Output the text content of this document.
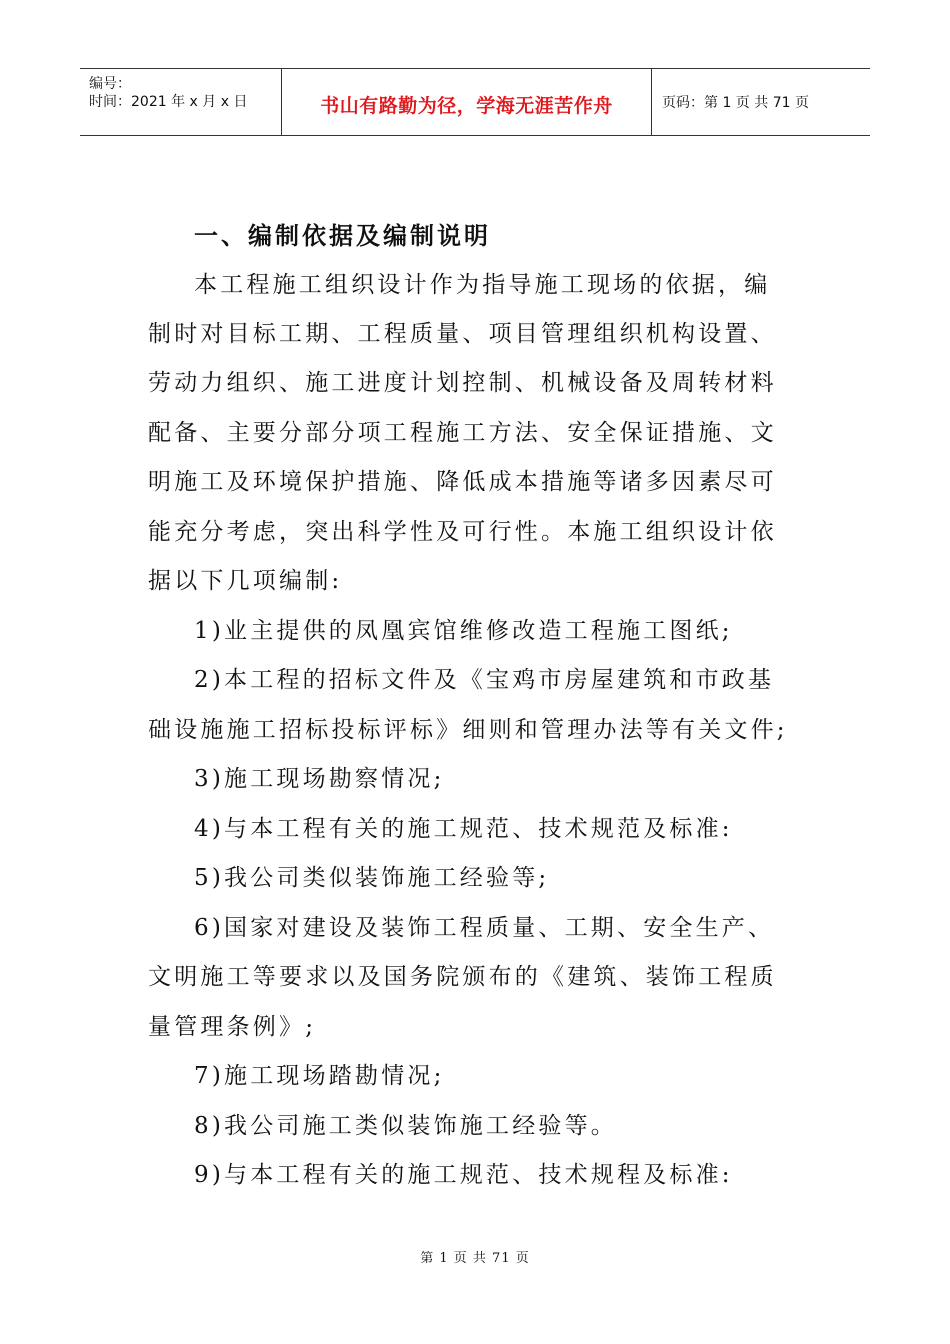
编号：
时间：2021 年 x 月 x 日	书山有路勤为径，学海无涯苦作舟	页码：第 1 页 共 71 页
一、编制依据及编制说明
本工程施工组织设计作为指导施工现场的依据，编
制时对目标工期、工程质量、项目管理组织机构设置、
劳动力组织、施工进度计划控制、机械设备及周转材料
配备、主要分部分项工程施工方法、安全保证措施、文
明施工及环境保护措施、降低成本措施等诸多因素尽可
能充分考虑，突出科学性及可行性。本施工组织设计依
据以下几项编制:
1)业主提供的凤凰宾馆维修改造工程施工图纸;
2)本工程的招标文件及《宝鸡市房屋建筑和市政基
础设施施工招标投标评标》细则和管理办法等有关文件;
3)施工现场勘察情况;
4)与本工程有关的施工规范、技术规范及标准:
5)我公司类似装饰施工经验等;
6)国家对建设及装饰工程质量、工期、安全生产、
文明施工等要求以及国务院颁布的《建筑、装饰工程质
量管理条例》;
7)施工现场踏勘情况;
8)我公司施工类似装饰施工经验等。
9)与本工程有关的施工规范、技术规程及标准:
第 1 页 共 71 页
